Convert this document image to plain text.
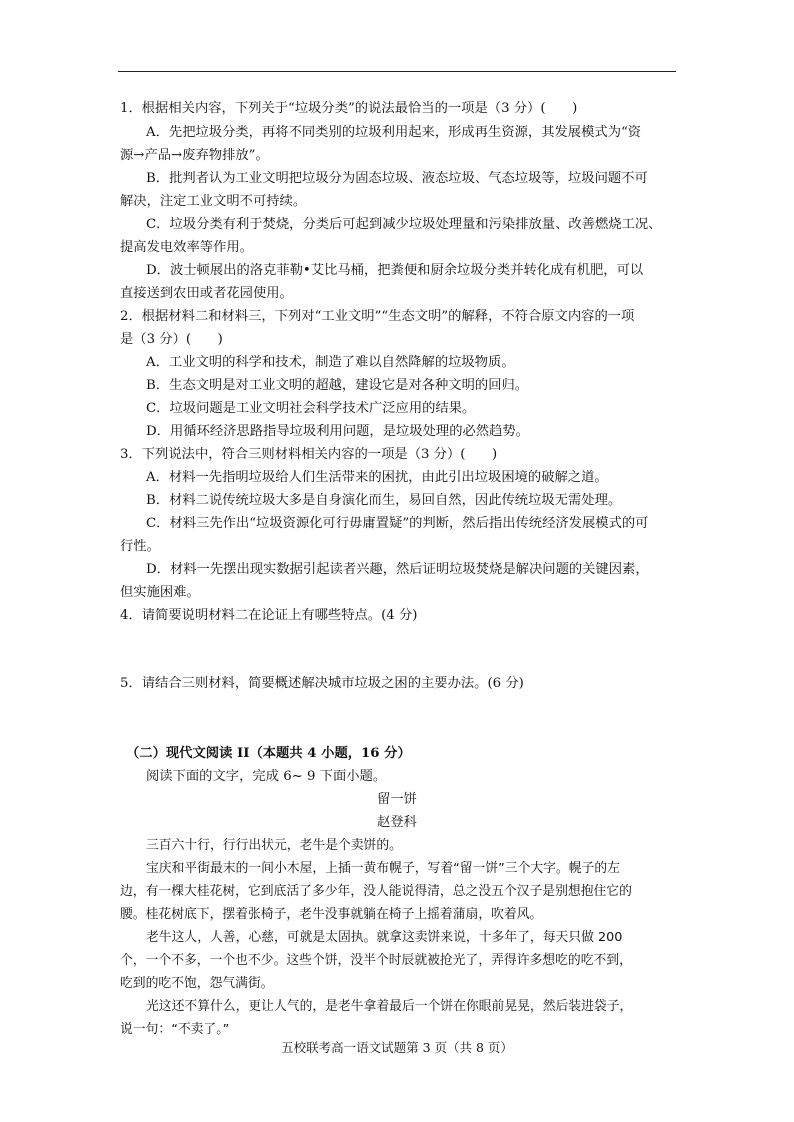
1．根据相关内容，下列关于“垃圾分类”的说法最恰当的一项是（3 分）(　　)
A．先把垃圾分类，再将不同类别的垃圾利用起来，形成再生资源，其发展模式为“资
源→产品→废弃物排放”。
B．批判者认为工业文明把垃圾分为固态垃圾、液态垃圾、气态垃圾等，垃圾问题不可
解决，注定工业文明不可持续。
C．垃圾分类有利于焚烧，分类后可起到减少垃圾处理量和污染排放量、改善燃烧工况、
提高发电效率等作用。
D．波士顿展出的洛克菲勒•艾比马桶，把粪便和厨余垃圾分类并转化成有机肥，可以
直接送到农田或者花园使用。
2．根据材料二和材料三，下列对“工业文明”“生态文明”的解释，不符合原文内容的一项
是（3 分）(　　)
A．工业文明的科学和技术，制造了难以自然降解的垃圾物质。
B．生态文明是对工业文明的超越，建设它是对各种文明的回归。
C．垃圾问题是工业文明社会科学技术广泛应用的结果。
D．用循环经济思路指导垃圾利用问题，是垃圾处理的必然趋势。
3．下列说法中，符合三则材料相关内容的一项是（3 分）(　　)
A．材料一先指明垃圾给人们生活带来的困扰，由此引出垃圾困境的破解之道。
B．材料二说传统垃圾大多是自身演化而生，易回自然，因此传统垃圾无需处理。
C．材料三先作出“垃圾资源化可行毋庸置疑”的判断，然后指出传统经济发展模式的可
行性。
D．材料一先摆出现实数据引起读者兴趣，然后证明垃圾焚烧是解决问题的关键因素，
但实施困难。
4．请简要说明材料二在论证上有哪些特点。(4 分)
5．请结合三则材料，简要概述解决城市垃圾之困的主要办法。(6 分)
（二）现代文阅读 II（本题共 4 小题，16 分）
阅读下面的文字，完成 6~ 9 下面小题。
留一饼
赵登科
三百六十行，行行出状元，老牛是个卖饼的。
宝庆和平街最末的一间小木屋，上插一黄布幌子，写着“留一饼”三个大字。幌子的左
边，有一棵大桂花树，它到底活了多少年，没人能说得清，总之没五个汉子是别想抱住它的
腰。桂花树底下，摆着张椅子，老牛没事就躺在椅子上摇着蒲扇，吹着风。
老牛这人，人善，心慈，可就是太固执。就拿这卖饼来说，十多年了，每天只做 200
个，一个不多，一个也不少。这些个饼，没半个时辰就被抢光了，弄得许多想吃的吃不到，
吃到的吃不饱，怨气满街。
光这还不算什么，更让人气的，是老牛拿着最后一个饼在你眼前晃晃，然后装进袋子，
说一句：“不卖了。”
五校联考高一语文试题第 3 页（共 8 页）
